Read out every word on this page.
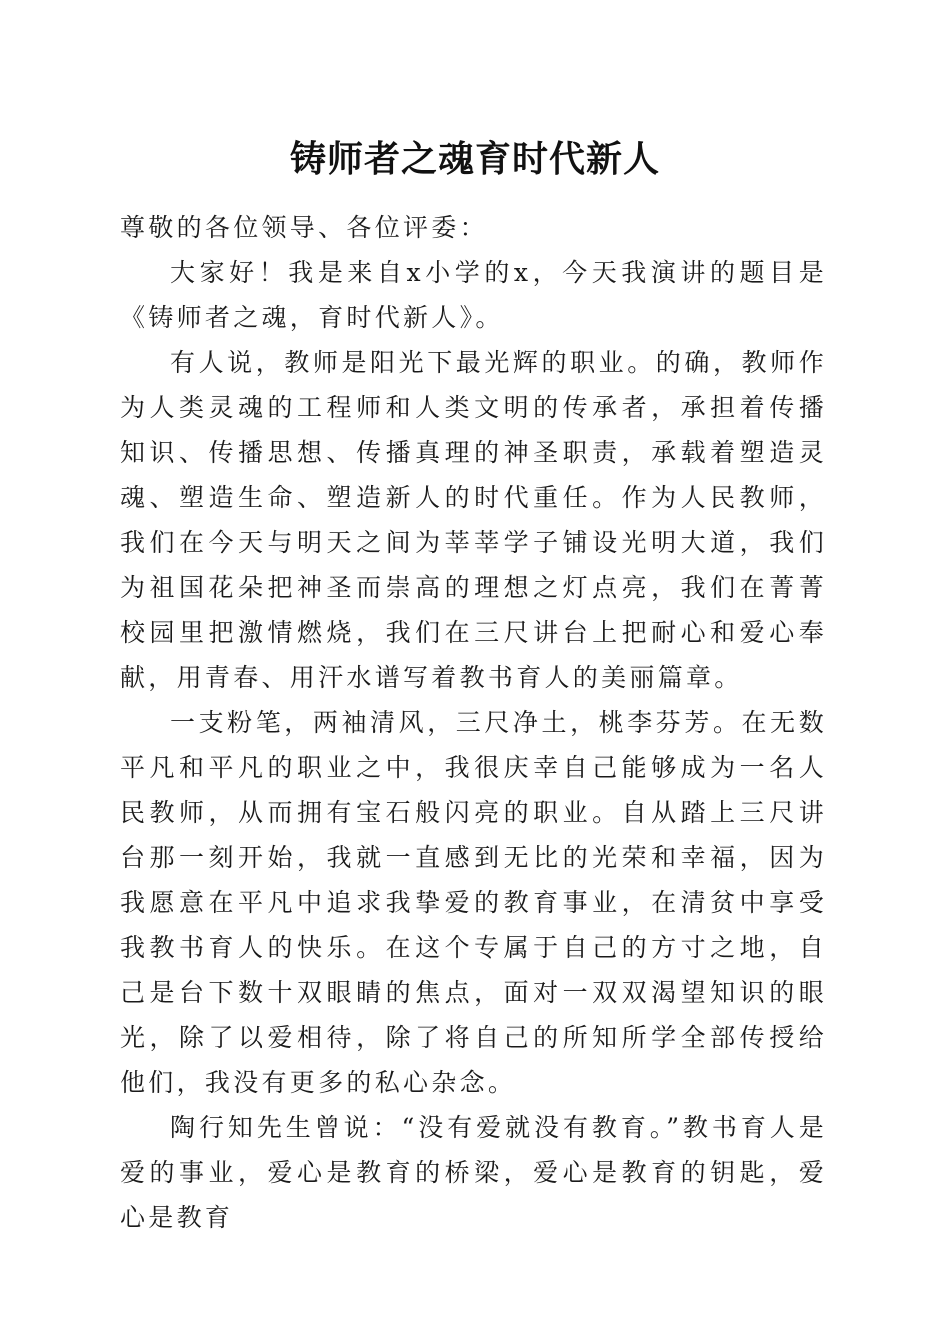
铸师者之魂育时代新人

尊敬的各位领导、各位评委：

大家好！我是来自x小学的x，今天我演讲的题目是《铸师者之魂，育时代新人》。

有人说，教师是阳光下最光辉的职业。的确，教师作为人类灵魂的工程师和人类文明的传承者，承担着传播知识、传播思想、传播真理的神圣职责，承载着塑造灵魂、塑造生命、塑造新人的时代重任。作为人民教师，我们在今天与明天之间为莘莘学子铺设光明大道，我们为祖国花朵把神圣而崇高的理想之灯点亮，我们在菁菁校园里把激情燃烧，我们在三尺讲台上把耐心和爱心奉献，用青春、用汗水谱写着教书育人的美丽篇章。

一支粉笔，两袖清风，三尺净土，桃李芬芳。在无数平凡和平凡的职业之中，我很庆幸自己能够成为一名人民教师，从而拥有宝石般闪亮的职业。自从踏上三尺讲台那一刻开始，我就一直感到无比的光荣和幸福，因为我愿意在平凡中追求我挚爱的教育事业，在清贫中享受我教书育人的快乐。在这个专属于自己的方寸之地，自己是台下数十双眼睛的焦点，面对一双双渴望知识的眼光，除了以爱相待，除了将自己的所知所学全部传授给他们，我没有更多的私心杂念。

陶行知先生曾说：“没有爱就没有教育。”教书育人是爱的事业，爱心是教育的桥梁，爱心是教育的钥匙，爱心是教育
